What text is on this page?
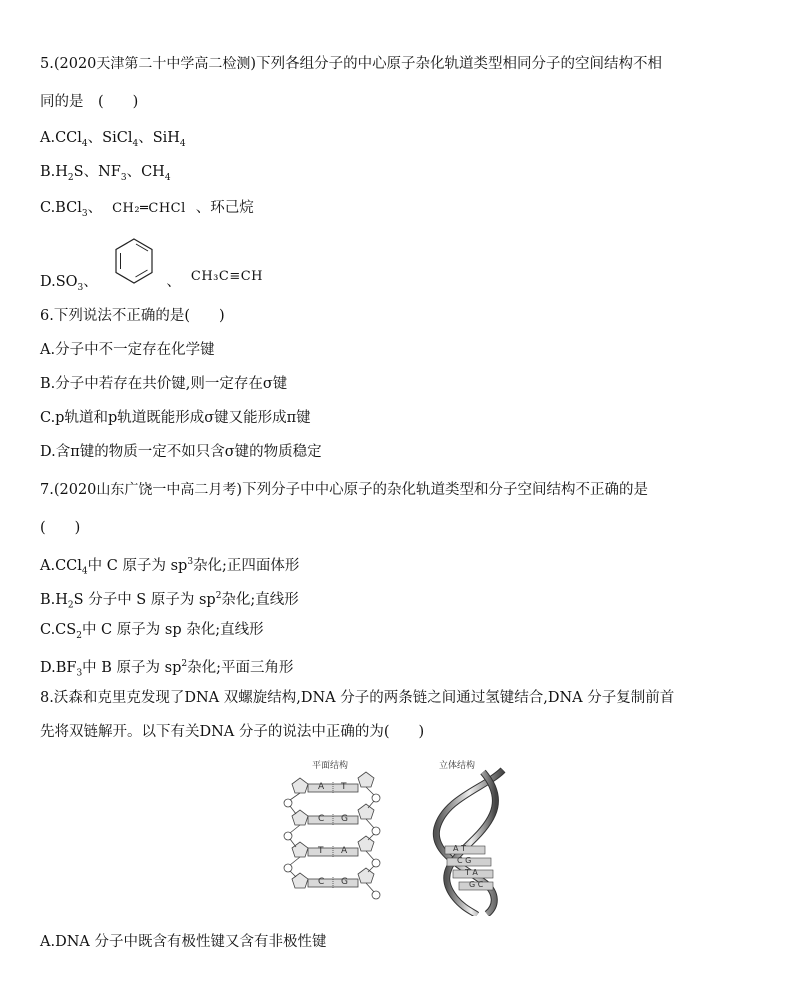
5.(2020天津第二十中学高二检测)下列各组分子的中心原子杂化轨道类型相同分子的空间结构不相
同的是　(　　)
A.CCl$_4$、SiCl$_4$、SiH$_4$
$B.H_2S$、$NF_3$、$CH_4$
C.BCl$_3$、 CH₂═CHCl 、环己烷
$D.SO_3$、	、 CH₃C≡CH
6.下列说法不正确的是(　　)
A.分子中不一定存在化学键
B.分子中若存在共价键,则一定存在σ键
C.p轨道和p轨道既能形成σ键又能形成π键
D.含π键的物质一定不如只含σ键的物质稳定
7.(2020山东广饶一中高二月考)下列分子中中心原子的杂化轨道类型和分子空间结构不正确的是
(　　)
A.CCl$_4$中 C 原子为 $sp^3$杂化;正四面体形
$B.H_2S$ 分子中 S 原子为 $sp^2$杂化;直线形
$C.CS_2$中 C 原子为 sp 杂化;直线形
$D.BF_3$中 B 原子为 $sp^2$杂化;平面三角形
8.沃森和克里克发现了DNA 双螺旋结构,DNA 分子的两条链之间通过氢键结合,DNA 分子复制前首
先将双链解开。以下有关DNA 分子的说法中正确的为(　　)
平面结构
A T
C G
T A
C G
立体结构
A T
C G
T A
G C
A.DNA 分子中既含有极性键又含有非极性键
